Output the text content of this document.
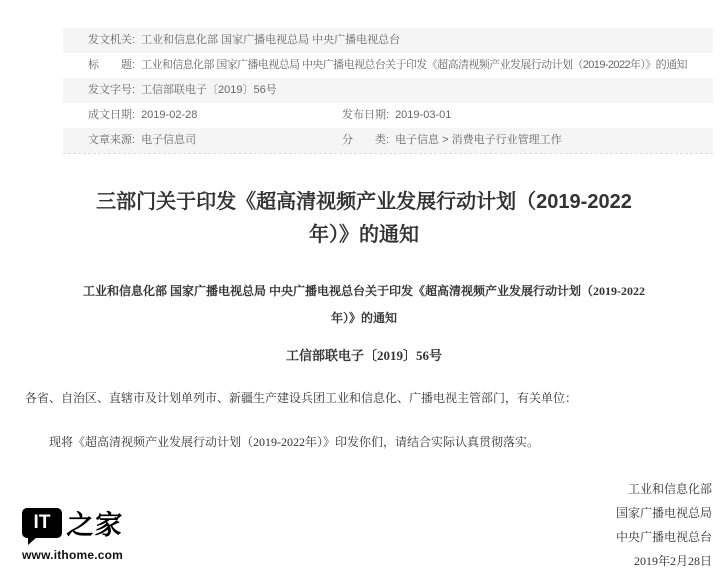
发文机关: 工业和信息化部 国家广播电视总局 中央广播电视总台
标　　题: 工业和信息化部 国家广播电视总局 中央广播电视总台关于印发《超高清视频产业发展行动计划（2019-2022年）》的通知
发文字号: 工信部联电子〔2019〕56号
成文日期: 2019-02-28	发布日期: 2019-03-01
文章来源: 电子信息司	分　　类: 电子信息 > 消费电子行业管理工作
三部门关于印发《超高清视频产业发展行动计划（2019-2022年）》的通知

工业和信息化部 国家广播电视总局 中央广播电视总台关于印发《超高清视频产业发展行动计划（2019-2022年）》的通知

工信部联电子〔2019〕56号

各省、自治区、直辖市及计划单列市、新疆生产建设兵团工业和信息化、广播电视主管部门，有关单位：

现将《超高清视频产业发展行动计划（2019-2022年）》印发你们，请结合实际认真贯彻落实。

工业和信息化部
国家广播电视总局
中央广播电视总台
2019年2月28日
IT 之家
www.ithome.com
